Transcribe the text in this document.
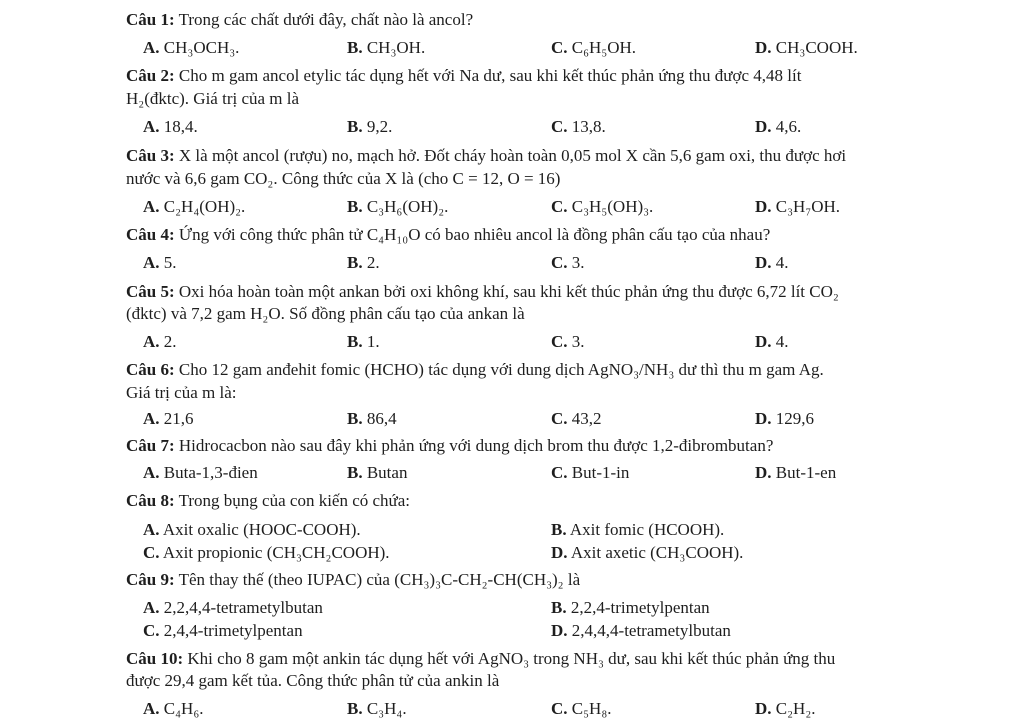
Câu 1: Trong các chất dưới đây, chất nào là ancol?
A. CH₃OCH₃.	B. CH₃OH.	C. C₆H₅OH.	D. CH₃COOH.
Câu 2: Cho m gam ancol etylic tác dụng hết với Na dư, sau khi kết thúc phản ứng thu được 4,48 lít
H₂(đktc). Giá trị của m là
A. 18,4.	B. 9,2.	C. 13,8.	D. 4,6.
Câu 3: X là một ancol (rượu) no, mạch hở. Đốt cháy hoàn toàn 0,05 mol X cần 5,6 gam oxi, thu được hơi
nước và 6,6 gam CO₂. Công thức của X là (cho C = 12, O = 16)
A. C₂H₄(OH)₂.	B. C₃H₆(OH)₂.	C. C₃H₅(OH)₃.	D. C₃H₇OH.
Câu 4: Ứng với công thức phân tử C₄H₁₀O có bao nhiêu ancol là đồng phân cấu tạo của nhau?
A. 5.	B. 2.	C. 3.	D. 4.
Câu 5: Oxi hóa hoàn toàn một ankan bởi oxi không khí, sau khi kết thúc phản ứng thu được 6,72 lít CO₂
(đktc) và 7,2 gam H₂O. Số đồng phân cấu tạo của ankan là
A. 2.	B. 1.	C. 3.	D. 4.
Câu 6: Cho 12 gam anđehit fomic (HCHO) tác dụng với dung dịch AgNO₃/NH₃ dư thì thu m gam Ag.
Giá trị của m là:
A. 21,6	B. 86,4	C. 43,2	D. 129,6
Câu 7: Hidrocacbon nào sau đây khi phản ứng với dung dịch brom thu được 1,2-đibrombutan?
A. Buta-1,3-đien	B. Butan	C. But-1-in	D. But-1-en
Câu 8: Trong bụng của con kiến có chứa:
A. Axit oxalic (HOOC-COOH).	B. Axit fomic (HCOOH).
C. Axit propionic (CH₃CH₂COOH).	D. Axit axetic (CH₃COOH).
Câu 9: Tên thay thế (theo IUPAC) của (CH₃)₃C-CH₂-CH(CH₃)₂ là
A. 2,2,4,4-tetrametylbutan	B. 2,2,4-trimetylpentan
C. 2,4,4-trimetylpentan	D. 2,4,4,4-tetrametylbutan
Câu 10: Khi cho 8 gam một ankin tác dụng hết với AgNO₃ trong NH₃ dư, sau khi kết thúc phản ứng thu
được 29,4 gam kết tủa. Công thức phân tử của ankin là
A. C₄H₆.	B. C₃H₄.	C. C₅H₈.	D. C₂H₂.
